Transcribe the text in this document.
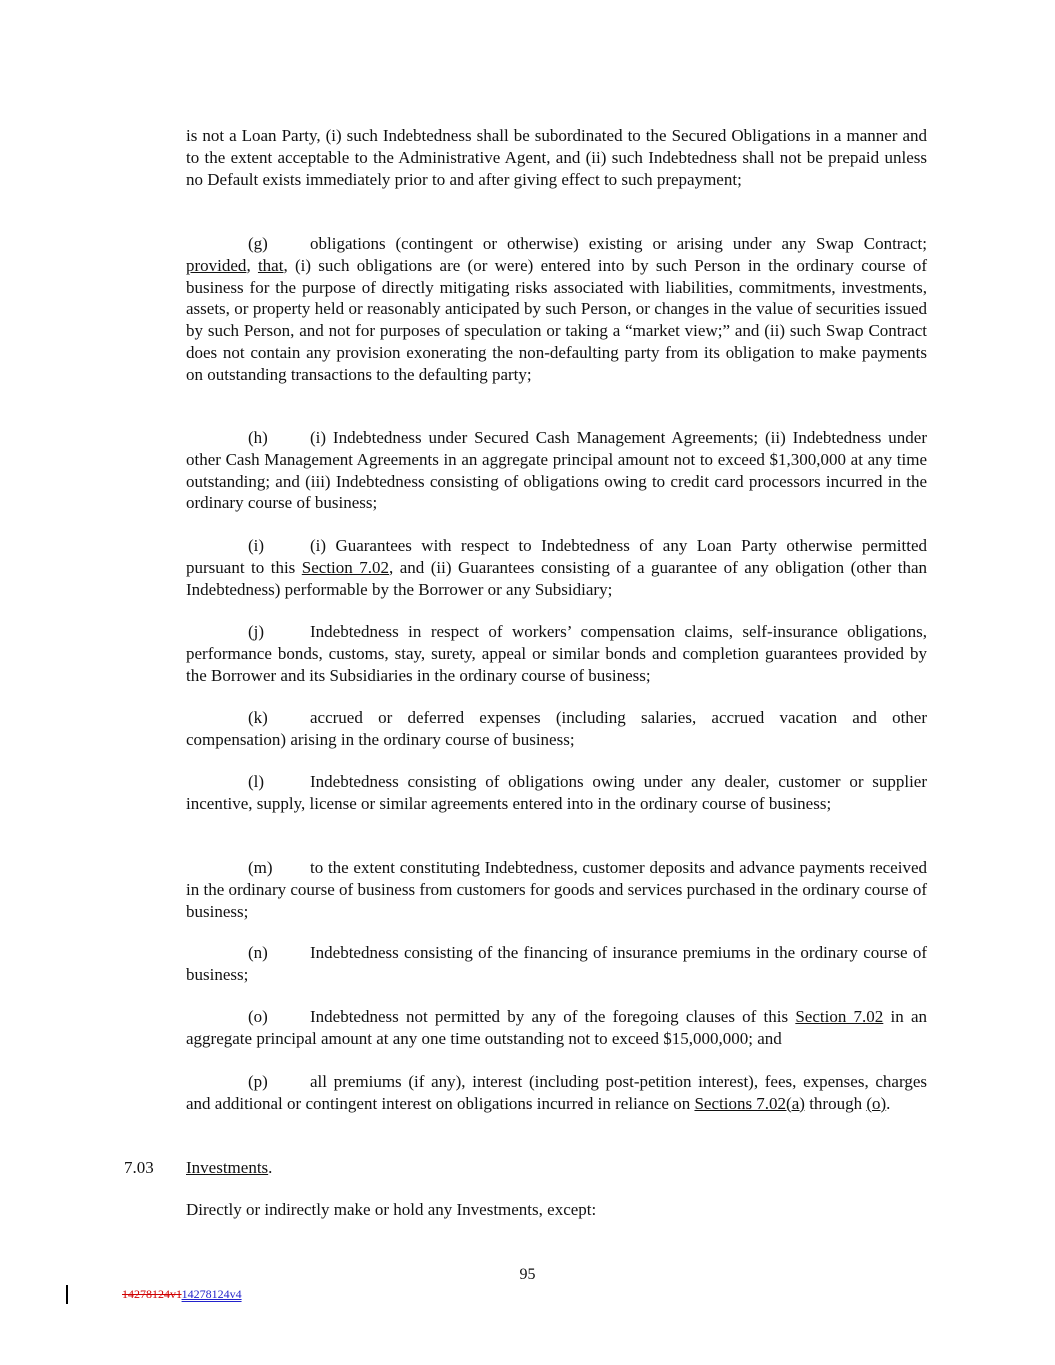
is not a Loan Party, (i) such Indebtedness shall be subordinated to the Secured Obligations in a manner and to the extent acceptable to the Administrative Agent, and (ii) such Indebtedness shall not be prepaid unless no Default exists immediately prior to and after giving effect to such prepayment;

(g) obligations (contingent or otherwise) existing or arising under any Swap Contract; provided, that, (i) such obligations are (or were) entered into by such Person in the ordinary course of business for the purpose of directly mitigating risks associated with liabilities, commitments, investments, assets, or property held or reasonably anticipated by such Person, or changes in the value of securities issued by such Person, and not for purposes of speculation or taking a “market view;” and (ii) such Swap Contract does not contain any provision exonerating the non-defaulting party from its obligation to make payments on outstanding transactions to the defaulting party;

(h) (i) Indebtedness under Secured Cash Management Agreements; (ii) Indebtedness under other Cash Management Agreements in an aggregate principal amount not to exceed $1,300,000 at any time outstanding; and (iii) Indebtedness consisting of obligations owing to credit card processors incurred in the ordinary course of business;

(i)	(i) Guarantees with respect to Indebtedness of any Loan Party otherwise permitted pursuant to this Section 7.02, and (ii) Guarantees consisting of a guarantee of any obligation (other than Indebtedness) performable by the Borrower or any Subsidiary;

(j)	Indebtedness in respect of workers’ compensation claims, self-insurance obligations, performance bonds, customs, stay, surety, appeal or similar bonds and completion guarantees provided by the Borrower and its Subsidiaries in the ordinary course of business;

(k) accrued or deferred expenses (including salaries, accrued vacation and other compensation) arising in the ordinary course of business;

(l)	Indebtedness consisting of obligations owing under any dealer, customer or supplier incentive, supply, license or similar agreements entered into in the ordinary course of business;

(m) to the extent constituting Indebtedness, customer deposits and advance payments received in the ordinary course of business from customers for goods and services purchased in the ordinary course of business;

(n) Indebtedness consisting of the financing of insurance premiums in the ordinary course of business;

(o) Indebtedness not permitted by any of the foregoing clauses of this Section 7.02 in an aggregate principal amount at any one time outstanding not to exceed $15,000,000; and

(p) all premiums (if any), interest (including post-petition interest), fees, expenses, charges and additional or contingent interest on obligations incurred in reliance on Sections 7.02(a) through (o).

7.03 Investments.

Directly or indirectly make or hold any Investments, except:

95
14278124v114278124v4
